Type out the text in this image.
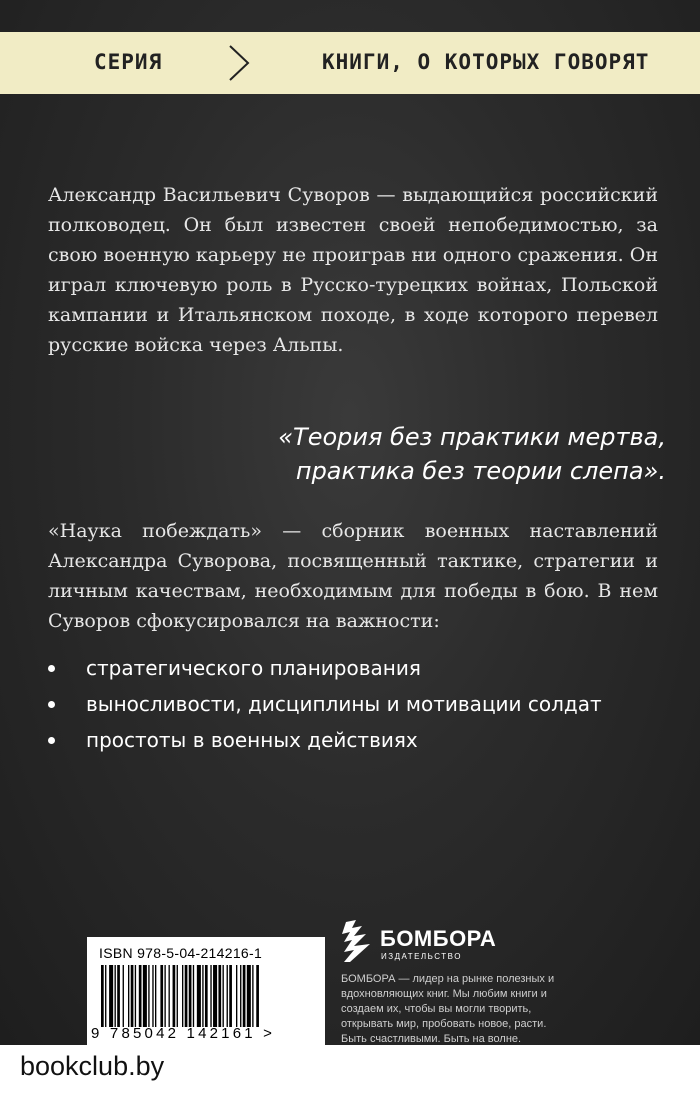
СЕРИЯ	КНИГИ, О КОТОРЫХ ГОВОРЯТ

Александр Васильевич Суворов — выдающийся российский полководец. Он был известен своей непобедимостью, за свою военную карьеру не проиграв ни одного сражения. Он играл ключевую роль в Русско-турецких войнах, Польской кампании и Итальянском походе, в ходе которого перевел русские войска через Альпы.

«Теория без практики мертва,
практика без теории слепа».

«Наука побеждать» — сборник военных наставлений Александра Суворова, посвященный тактике, стратегии и личным качествам, необходимым для победы в бою. В нем Суворов сфокусировался на важности:

стратегического планирования
выносливости, дисциплины и мотивации солдат
простоты в военных действиях
ISBN 978-5-04-214216-1
9 785042 142161 >
БОМБОРА
ИЗДАТЕЛЬСТВО

БОМБОРА — лидер на рынке полезных и вдохновляющих книг. Мы любим книги и создаем их, чтобы вы могли творить, открывать мир, пробовать новое, расти. Быть счастливыми. Быть на волне.

bookclub.by
